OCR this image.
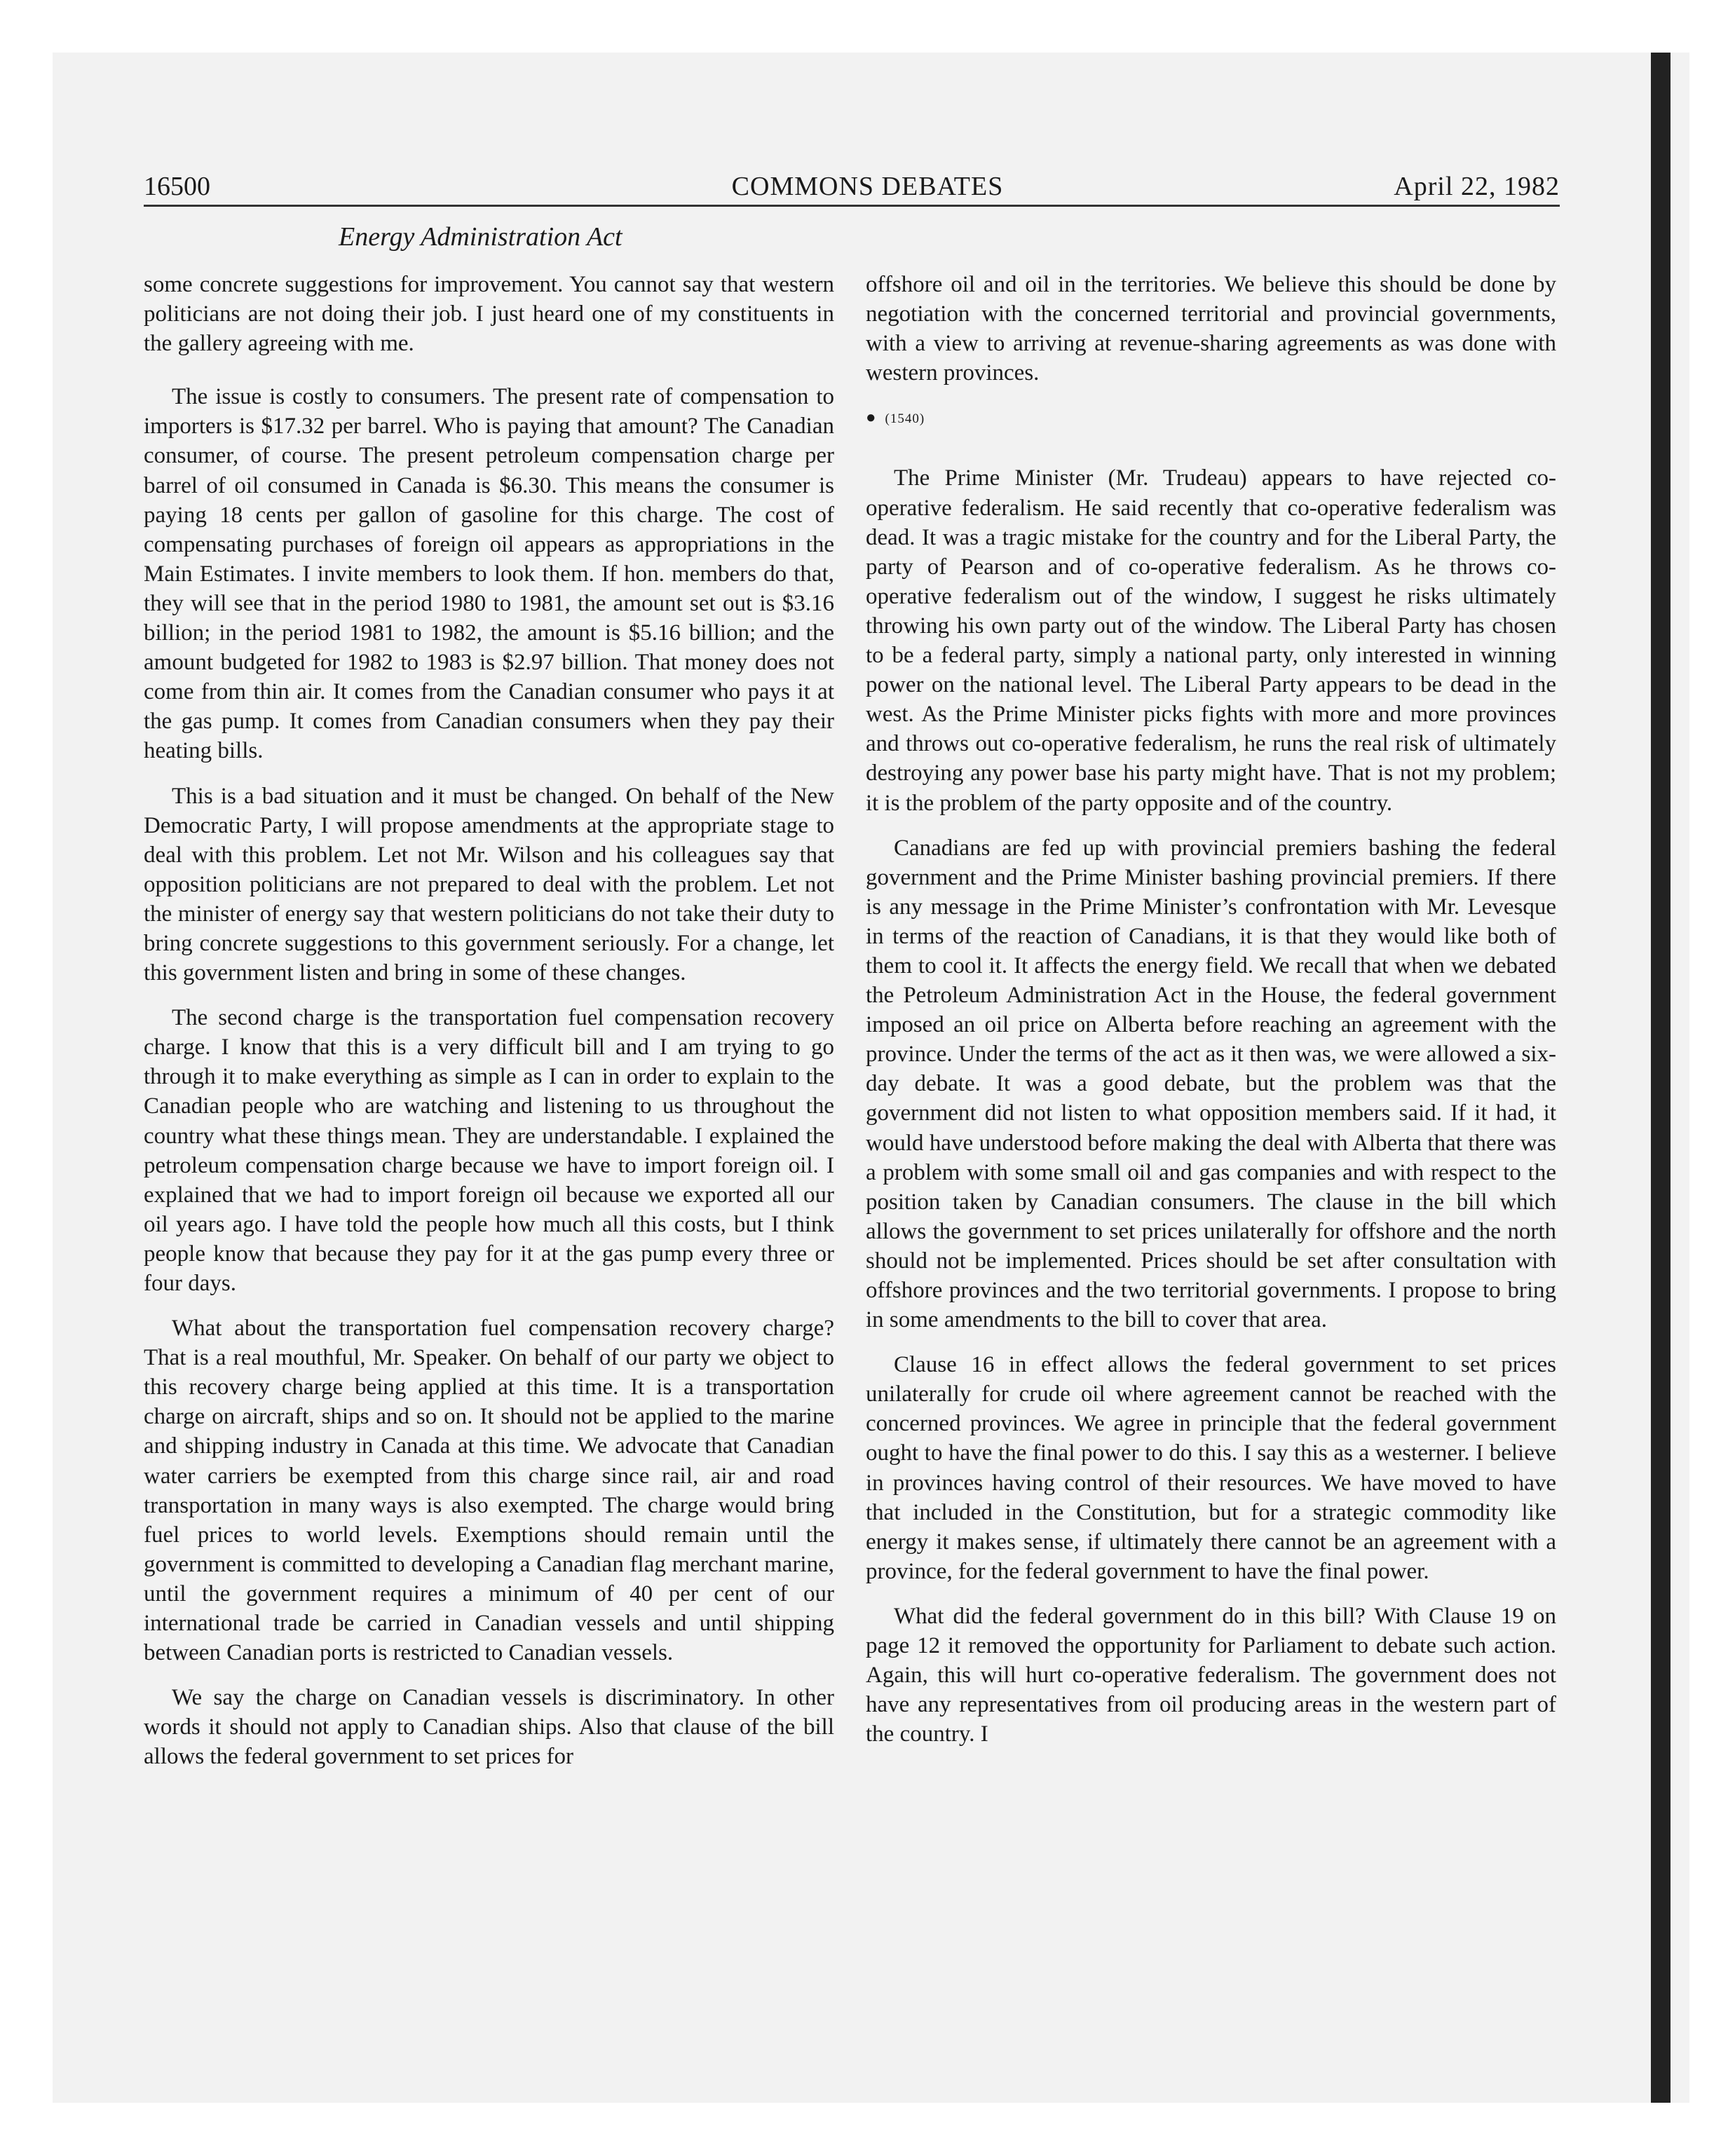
16500	COMMONS DEBATES	April 22, 1982
Energy Administration Act

some concrete suggestions for improvement. You cannot say that western politicians are not doing their job. I just heard one of my constituents in the gallery agreeing with me.

The issue is costly to consumers. The present rate of compensation to importers is $17.32 per barrel. Who is paying that amount? The Canadian consumer, of course. The present petroleum compensation charge per barrel of oil consumed in Canada is $6.30. This means the consumer is paying 18 cents per gallon of gasoline for this charge. The cost of compensating purchases of foreign oil appears as appropriations in the Main Estimates. I invite members to look them. If hon. members do that, they will see that in the period 1980 to 1981, the amount set out is $3.16 billion; in the period 1981 to 1982, the amount is $5.16 billion; and the amount budgeted for 1982 to 1983 is $2.97 billion. That money does not come from thin air. It comes from the Canadian consumer who pays it at the gas pump. It comes from Canadian consumers when they pay their heating bills.

This is a bad situation and it must be changed. On behalf of the New Democratic Party, I will propose amendments at the appropriate stage to deal with this problem. Let not Mr. Wilson and his colleagues say that opposition politicians are not prepared to deal with the problem. Let not the minister of energy say that western politicians do not take their duty to bring concrete suggestions to this government seriously. For a change, let this government listen and bring in some of these changes.

The second charge is the transportation fuel compensation recovery charge. I know that this is a very difficult bill and I am trying to go through it to make everything as simple as I can in order to explain to the Canadian people who are watching and listening to us throughout the country what these things mean. They are understandable. I explained the petroleum compensation charge because we have to import foreign oil. I explained that we had to import foreign oil because we exported all our oil years ago. I have told the people how much all this costs, but I think people know that because they pay for it at the gas pump every three or four days.

What about the transportation fuel compensation recovery charge? That is a real mouthful, Mr. Speaker. On behalf of our party we object to this recovery charge being applied at this time. It is a transportation charge on aircraft, ships and so on. It should not be applied to the marine and shipping industry in Canada at this time. We advocate that Canadian water carriers be exempted from this charge since rail, air and road transportation in many ways is also exempted. The charge would bring fuel prices to world levels. Exemptions should remain until the government is committed to developing a Canadian flag merchant marine, until the government requires a minimum of 40 per cent of our international trade be carried in Canadian vessels and until shipping between Canadian ports is restricted to Canadian vessels.

We say the charge on Canadian vessels is discriminatory. In other words it should not apply to Canadian ships. Also that clause of the bill allows the federal government to set prices for

offshore oil and oil in the territories. We believe this should be done by negotiation with the concerned territorial and provincial governments, with a view to arriving at revenue-sharing agreements as was done with western provinces.

● (1540)

The Prime Minister (Mr. Trudeau) appears to have rejected co-operative federalism. He said recently that co-operative federalism was dead. It was a tragic mistake for the country and for the Liberal Party, the party of Pearson and of co-operative federalism. As he throws co-operative federalism out of the window, I suggest he risks ultimately throwing his own party out of the window. The Liberal Party has chosen to be a federal party, simply a national party, only interested in winning power on the national level. The Liberal Party appears to be dead in the west. As the Prime Minister picks fights with more and more provinces and throws out co-operative federalism, he runs the real risk of ultimately destroying any power base his party might have. That is not my problem; it is the problem of the party opposite and of the country.

Canadians are fed up with provincial premiers bashing the federal government and the Prime Minister bashing provincial premiers. If there is any message in the Prime Minister’s confrontation with Mr. Levesque in terms of the reaction of Canadians, it is that they would like both of them to cool it. It affects the energy field. We recall that when we debated the Petroleum Administration Act in the House, the federal government imposed an oil price on Alberta before reaching an agreement with the province. Under the terms of the act as it then was, we were allowed a six-day debate. It was a good debate, but the problem was that the government did not listen to what opposition members said. If it had, it would have understood before making the deal with Alberta that there was a problem with some small oil and gas companies and with respect to the position taken by Canadian consumers. The clause in the bill which allows the government to set prices unilaterally for offshore and the north should not be implemented. Prices should be set after consultation with offshore provinces and the two territorial governments. I propose to bring in some amendments to the bill to cover that area.

Clause 16 in effect allows the federal government to set prices unilaterally for crude oil where agreement cannot be reached with the concerned provinces. We agree in principle that the federal government ought to have the final power to do this. I say this as a westerner. I believe in provinces having control of their resources. We have moved to have that included in the Constitution, but for a strategic commodity like energy it makes sense, if ultimately there cannot be an agreement with a province, for the federal government to have the final power.

What did the federal government do in this bill? With Clause 19 on page 12 it removed the opportunity for Parliament to debate such action. Again, this will hurt co-operative federalism. The government does not have any representatives from oil producing areas in the western part of the country. I
